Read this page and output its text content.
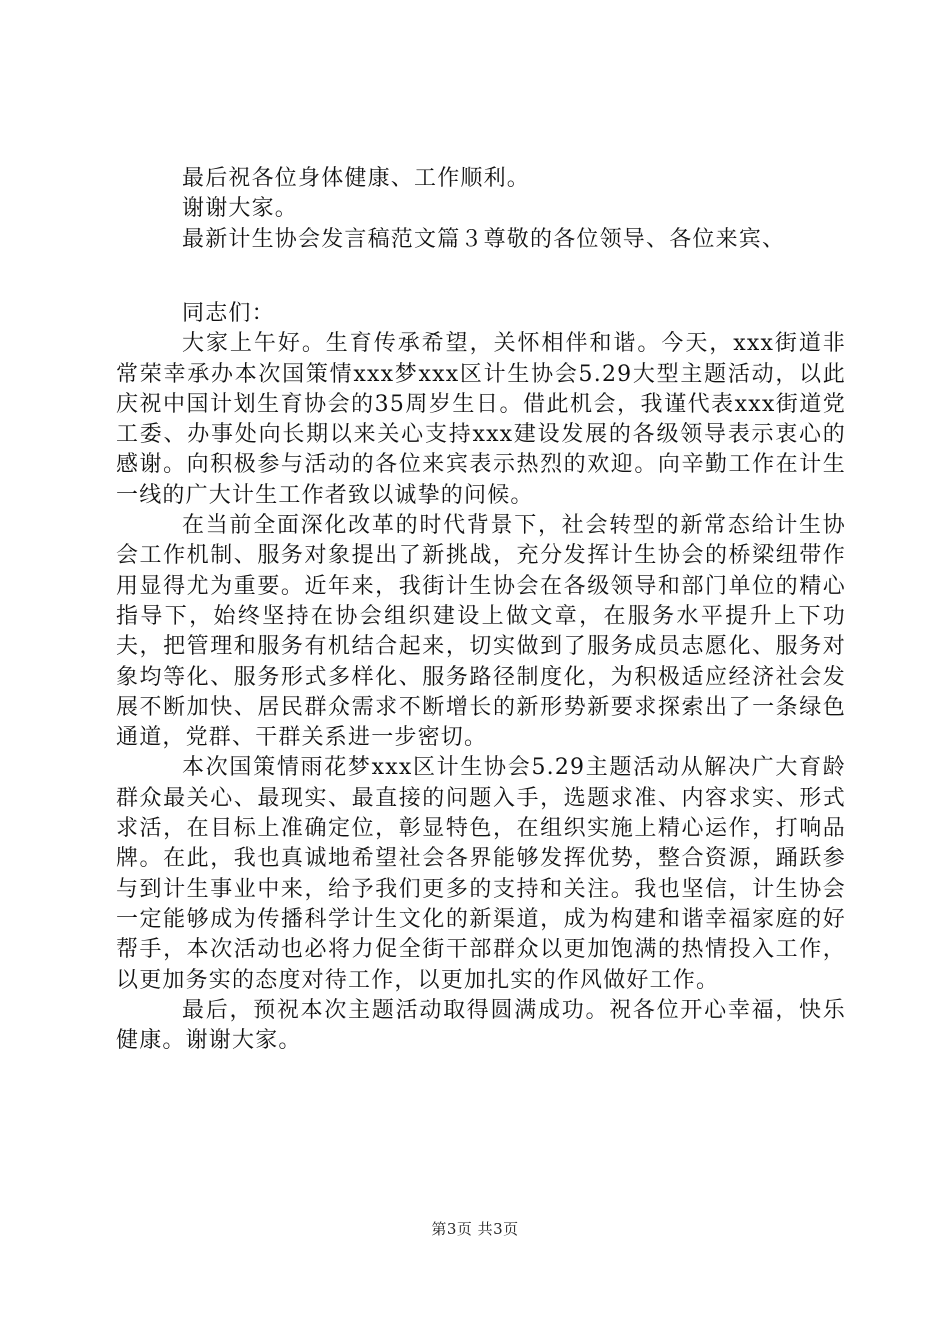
最后祝各位身体健康、工作顺利。

谢谢大家。

最新计生协会发言稿范文篇３尊敬的各位领导、各位来宾、

同志们：

大家上午好。生育传承希望，关怀相伴和谐。今天，xxx街道非常荣幸承办本次国策情xxx梦xxx区计生协会5.29大型主题活动，以此庆祝中国计划生育协会的35周岁生日。借此机会，我谨代表xxx街道党工委、办事处向长期以来关心支持xxx建设发展的各级领导表示衷心的感谢。向积极参与活动的各位来宾表示热烈的欢迎。向辛勤工作在计生一线的广大计生工作者致以诚挚的问候。

在当前全面深化改革的时代背景下，社会转型的新常态给计生协会工作机制、服务对象提出了新挑战，充分发挥计生协会的桥梁纽带作用显得尤为重要。近年来，我街计生协会在各级领导和部门单位的精心指导下，始终坚持在协会组织建设上做文章，在服务水平提升上下功夫，把管理和服务有机结合起来，切实做到了服务成员志愿化、服务对象均等化、服务形式多样化、服务路径制度化，为积极适应经济社会发展不断加快、居民群众需求不断增长的新形势新要求探索出了一条绿色通道，党群、干群关系进一步密切。

本次国策情雨花梦xxx区计生协会5.29主题活动从解决广大育龄群众最关心、最现实、最直接的问题入手，选题求准、内容求实、形式求活，在目标上准确定位，彰显特色，在组织实施上精心运作，打响品牌。在此，我也真诚地希望社会各界能够发挥优势，整合资源，踊跃参与到计生事业中来，给予我们更多的支持和关注。我也坚信，计生协会一定能够成为传播科学计生文化的新渠道，成为构建和谐幸福家庭的好帮手，本次活动也必将力促全街干部群众以更加饱满的热情投入工作，以更加务实的态度对待工作，以更加扎实的作风做好工作。

最后，预祝本次主题活动取得圆满成功。祝各位开心幸福，快乐健康。谢谢大家。

第3页 共3页
